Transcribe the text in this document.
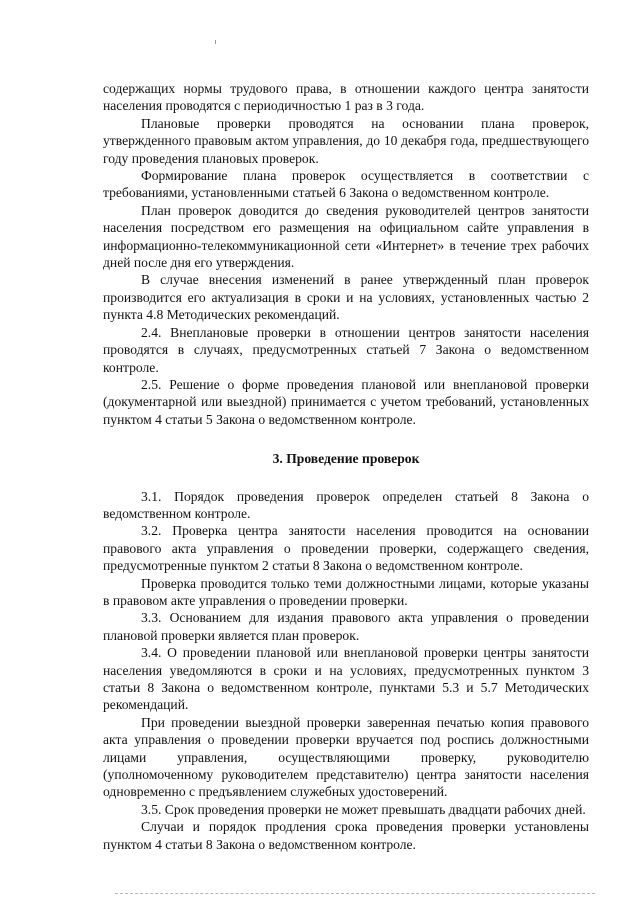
содержащих нормы трудового права, в отношении каждого центра занятости населения проводятся с периодичностью 1 раз в 3 года.

Плановые проверки проводятся на основании плана проверок, утвержденного правовым актом управления, до 10 декабря года, предшествующего году проведения плановых проверок.

Формирование плана проверок осуществляется в соответствии с требованиями, установленными статьей 6 Закона о ведомственном контроле.

План проверок доводится до сведения руководителей центров занятости населения посредством его размещения на официальном сайте управления в информационно-телекоммуникационной сети «Интернет» в течение трех рабочих дней после дня его утверждения.

В случае внесения изменений в ранее утвержденный план проверок производится его актуализация в сроки и на условиях, установленных частью 2 пункта 4.8 Методических рекомендаций.

2.4. Внеплановые проверки в отношении центров занятости населения проводятся в случаях, предусмотренных статьей 7 Закона о ведомственном контроле.

2.5. Решение о форме проведения плановой или внеплановой проверки (документарной или выездной) принимается с учетом требований, установленных пунктом 4 статьи 5 Закона о ведомственном контроле.

3. Проведение проверок

3.1. Порядок проведения проверок определен статьей 8 Закона о ведомственном контроле.

3.2. Проверка центра занятости населения проводится на основании правового акта управления о проведении проверки, содержащего сведения, предусмотренные пунктом 2 статьи 8 Закона о ведомственном контроле.

Проверка проводится только теми должностными лицами, которые указаны в правовом акте управления о проведении проверки.

3.3. Основанием для издания правового акта управления о проведении плановой проверки является план проверок.

3.4. О проведении плановой или внеплановой проверки центры занятости населения уведомляются в сроки и на условиях, предусмотренных пунктом 3 статьи 8 Закона о ведомственном контроле, пунктами 5.3 и 5.7 Методических рекомендаций.

При проведении выездной проверки заверенная печатью копия правового акта управления о проведении проверки вручается под роспись должностными лицами управления, осуществляющими проверку, руководителю (уполномоченному руководителем представителю) центра занятости населения одновременно с предъявлением служебных удостоверений.

3.5. Срок проведения проверки не может превышать двадцати рабочих дней.

Случаи и порядок продления срока проведения проверки установлены пунктом 4 статьи 8 Закона о ведомственном контроле.
